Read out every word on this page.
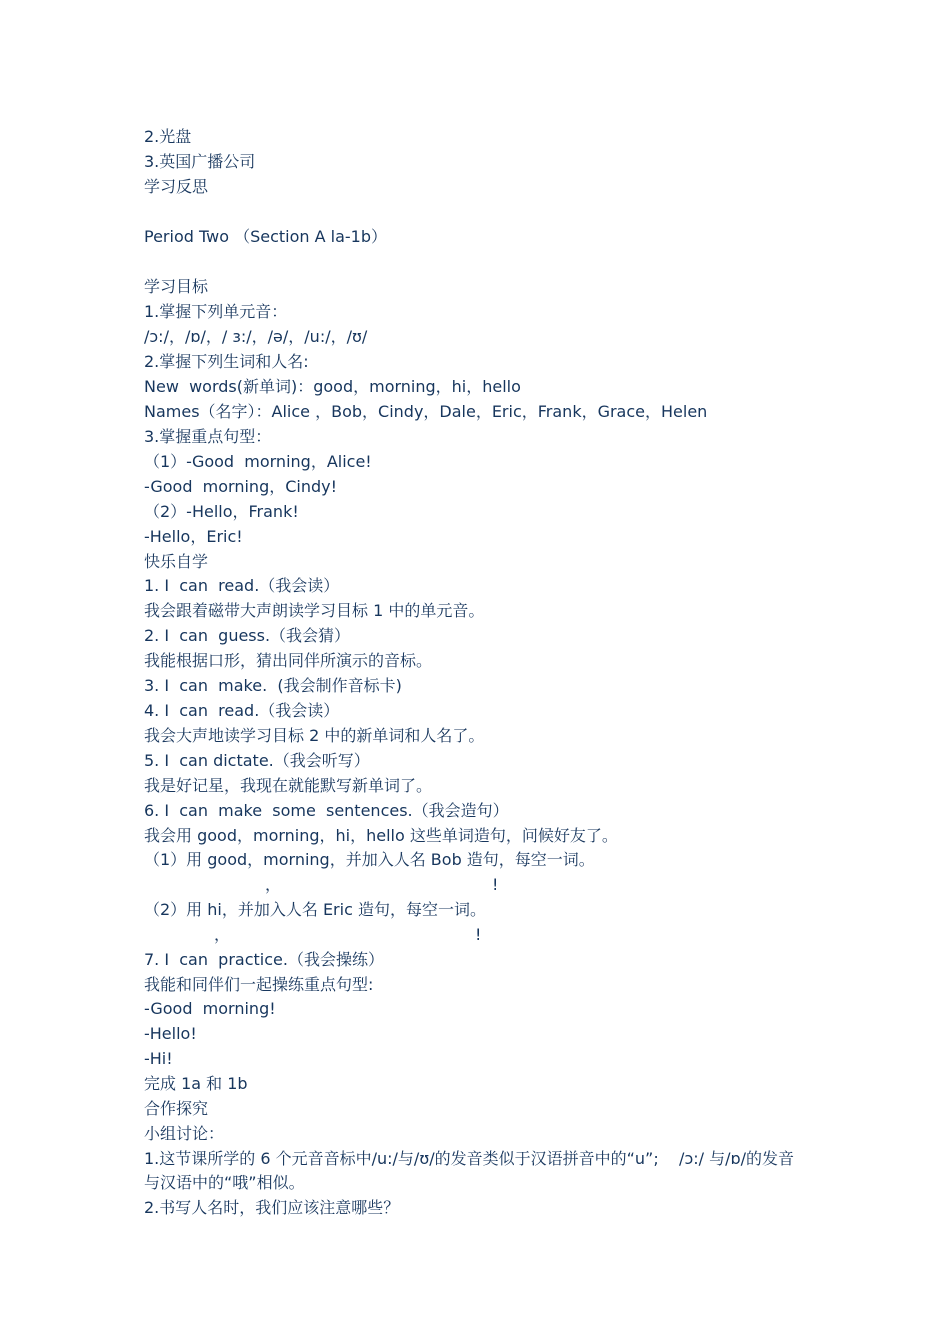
2.光盘
3.英国广播公司
学习反思
Period Two （Section A la-1b）
学习目标
1.掌握下列单元音：
/ɔ:/，/ɒ/，/ ɜ:/，/ə/，/u:/，/ʊ/
2.掌握下列生词和人名:
New  words(新单词)：good，morning，hi，hello
Names（名字）：Alice ，Bob，Cindy，Dale，Eric，Frank，Grace，Helen
3.掌握重点句型：
（1）-Good  morning，Alice!
-Good  morning，Cindy!
（2）-Hello，Frank!
-Hello，Eric!
快乐自学
1. I  can  read.（我会读）
我会跟着磁带大声朗读学习目标 1 中的单元音。
2. I  can  guess.（我会猜）
我能根据口形，猜出同伴所演示的音标。
3. I  can  make.  (我会制作音标卡)
4. I  can  read.（我会读）
我会大声地读学习目标 2 中的新单词和人名了。
5. I  can dictate.（我会听写）
我是好记星，我现在就能默写新单词了。
6. I  can  make  some  sentences.（我会造句）
我会用 good，morning，hi，hello 这些单词造句，问候好友了。
（1）用 good，morning，并加入人名 Bob 造句，每空一词。
，	!
（2）用 hi，并加入人名 Eric 造句，每空一词。
，	!
7. I  can  practice.（我会操练）
我能和同伴们一起操练重点句型:
-Good  morning!
-Hello!
-Hi!
完成 1a 和 1b
合作探究
小组讨论：
1.这节课所学的 6 个元音音标中/u:/与/ʊ/的发音类似于汉语拼音中的“u”;    /ɔ:/ 与/ɒ/的发音
与汉语中的“哦”相似。
2.书写人名时，我们应该注意哪些？
